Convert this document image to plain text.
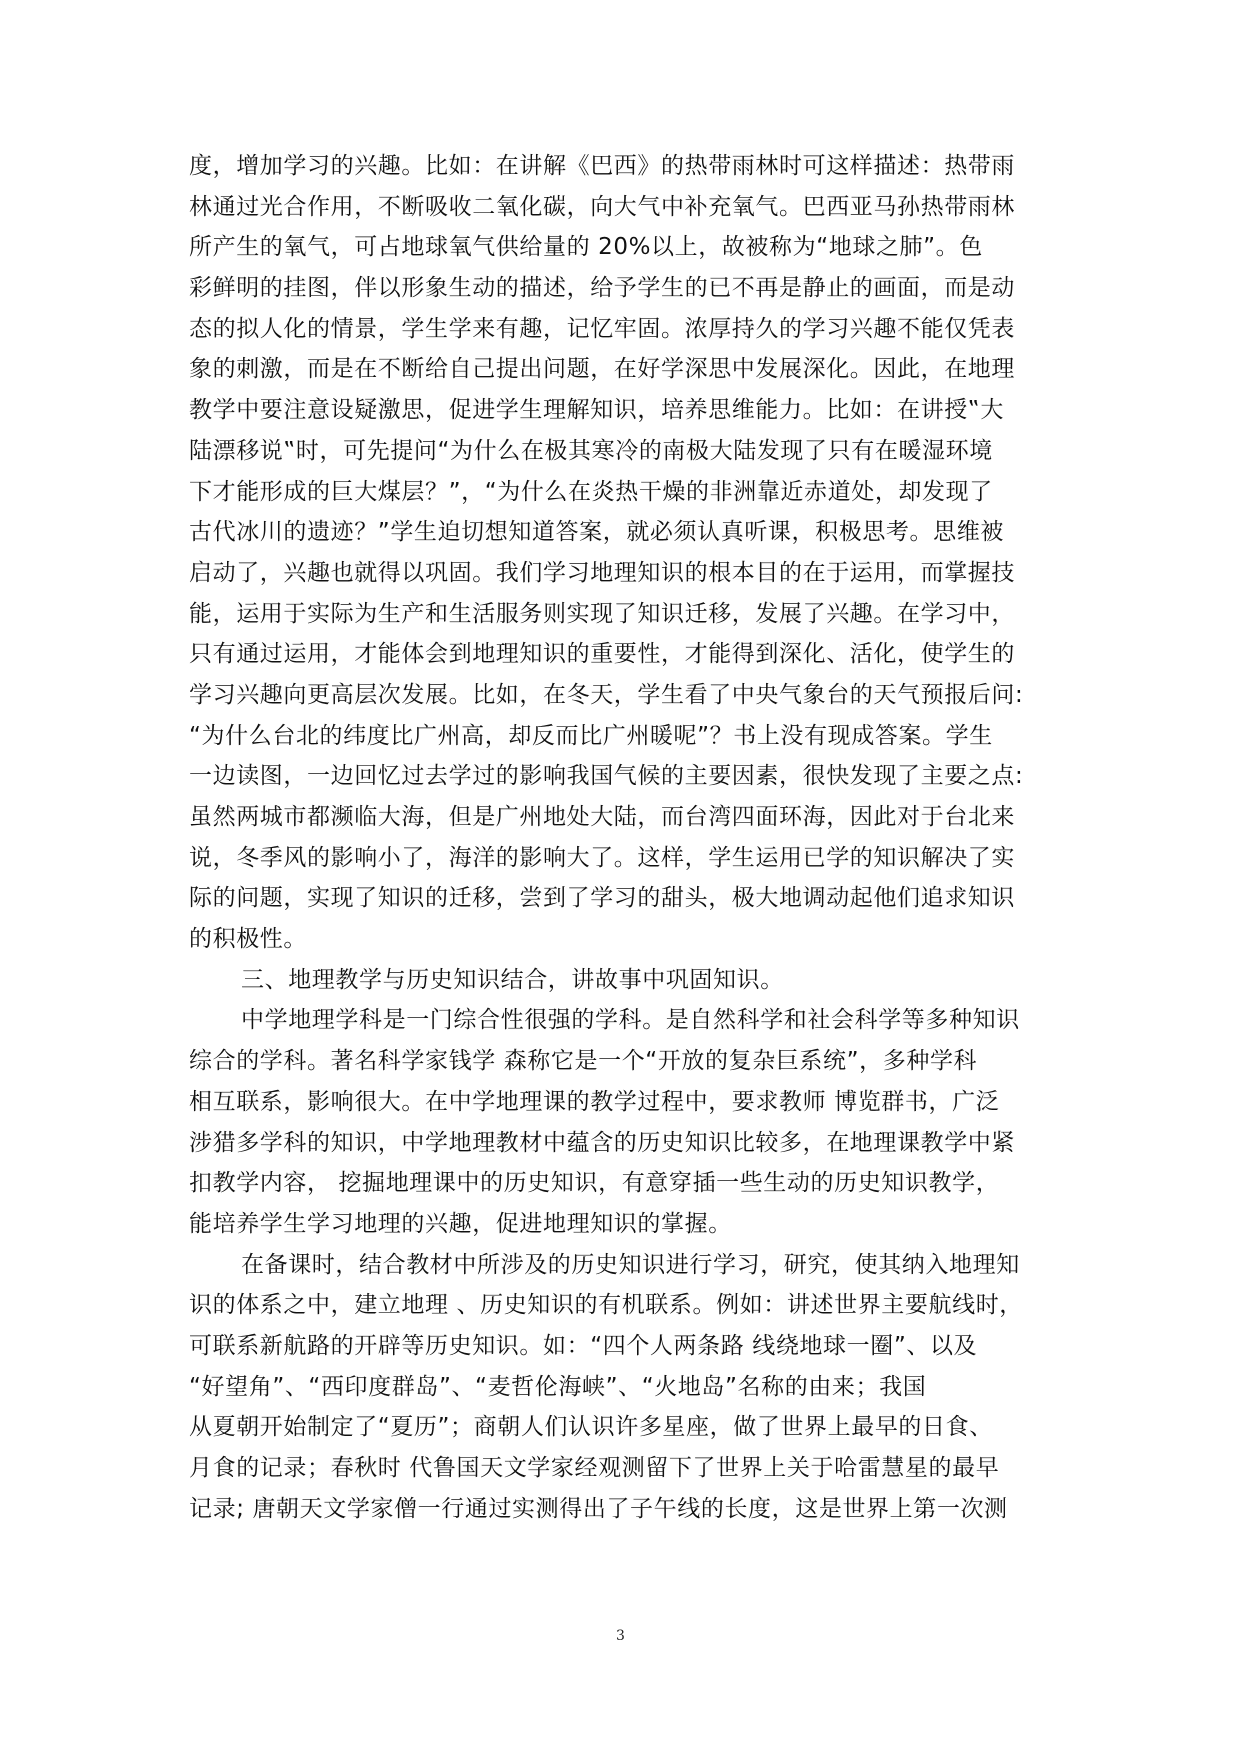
度，增加学习的兴趣。比如：在讲解《巴西》的热带雨林时可这样描述：热带雨
林通过光合作用，不断吸收二氧化碳，向大气中补充氧气。巴西亚马孙热带雨林
所产生的氧气，可占地球氧气供给量的 20%以上，故被称为“地球之肺”。色
彩鲜明的挂图，伴以形象生动的描述，给予学生的已不再是静止的画面，而是动
态的拟人化的情景，学生学来有趣，记忆牢固。浓厚持久的学习兴趣不能仅凭表
象的刺激，而是在不断给自己提出问题，在好学深思中发展深化。因此，在地理
教学中要注意设疑激思，促进学生理解知识，培养思维能力。比如：在讲授‟大
陆漂移说‟时，可先提问“为什么在极其寒冷的南极大陆发现了只有在暖湿环境
下才能形成的巨大煤层？”，“为什么在炎热干燥的非洲靠近赤道处，却发现了
古代冰川的遗迹？”学生迫切想知道答案，就必须认真听课，积极思考。思维被
启动了，兴趣也就得以巩固。我们学习地理知识的根本目的在于运用，而掌握技
能，运用于实际为生产和生活服务则实现了知识迁移，发展了兴趣。在学习中，
只有通过运用，才能体会到地理知识的重要性，才能得到深化、活化，使学生的
学习兴趣向更高层次发展。比如，在冬天，学生看了中央气象台的天气预报后问:
“为什么台北的纬度比广州高，却反而比广州暖呢”？书上没有现成答案。学生
一边读图，一边回忆过去学过的影响我国气候的主要因素，很快发现了主要之点:
虽然两城市都濒临大海，但是广州地处大陆，而台湾四面环海，因此对于台北来
说，冬季风的影响小了，海洋的影响大了。这样，学生运用已学的知识解决了实
际的问题，实现了知识的迁移，尝到了学习的甜头，极大地调动起他们追求知识
的积极性。
三、地理教学与历史知识结合，讲故事中巩固知识。
中学地理学科是一门综合性很强的学科。是自然科学和社会科学等多种知识
综合的学科。著名科学家钱学 森称它是一个“开放的复杂巨系统”，多种学科
相互联系，影响很大。在中学地理课的教学过程中，要求教师 博览群书，广泛
涉猎多学科的知识，中学地理教材中蕴含的历史知识比较多，在地理课教学中紧
扣教学内容， 挖掘地理课中的历史知识，有意穿插一些生动的历史知识教学，
能培养学生学习地理的兴趣，促进地理知识的掌握。
在备课时，结合教材中所涉及的历史知识进行学习，研究，使其纳入地理知
识的体系之中，建立地理 、历史知识的有机联系。例如：讲述世界主要航线时，
可联系新航路的开辟等历史知识。如：“四个人两条路 线绕地球一圈”、以及
“好望角”、“西印度群岛”、“麦哲伦海峡”、“火地岛”名称的由来；我国
从夏朝开始制定了“夏历”；商朝人们认识许多星座，做了世界上最早的日食、
月食的记录；春秋时 代鲁国天文学家经观测留下了世界上关于哈雷慧星的最早
记录; 唐朝天文学家僧一行通过实测得出了子午线的长度，这是世界上第一次测
3
